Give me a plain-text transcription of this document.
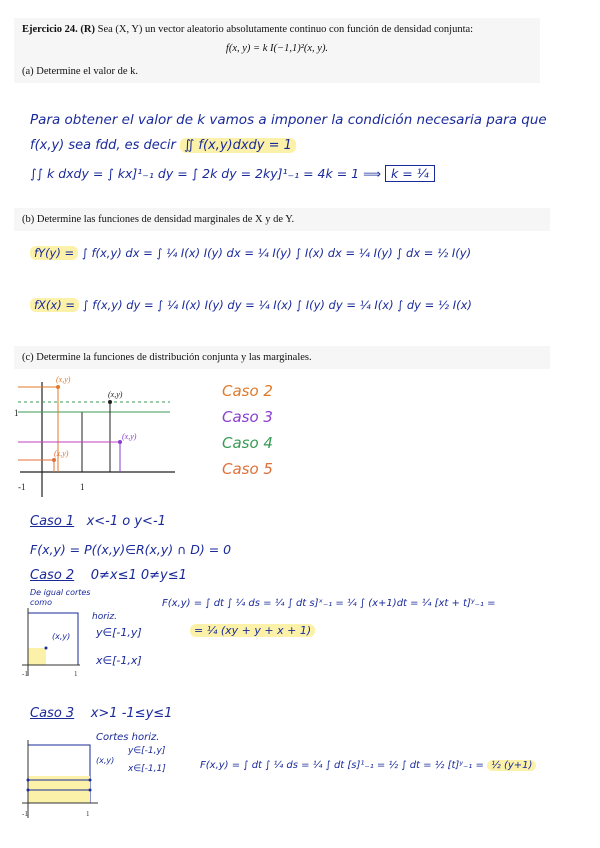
Ejercicio 24. (R) Sea (X, Y) un vector aleatorio absolutamente continuo con función de densidad conjunta:
f(x, y) = k I(−1,1)²(x, y).
(a) Determine el valor de k.
Para obtener el valor de k vamos a imponer la condición necesaria para que
f(x,y) sea fdd, es decir ∬ f(x,y)dxdy = 1
∫∫ k dxdy = ∫ kx]¹₋₁ dy = ∫ 2k dy = 2ky]¹₋₁ = 4k = 1 ⟹ k = ¼
(b) Determine las funciones de densidad marginales de X y de Y.
fY(y) = ∫ f(x,y) dx = ∫ ¼ I(x) I(y) dx = ¼ I(y) ∫ I(x) dx = ¼ I(y) ∫ dx = ½ I(y)
fX(x) = ∫ f(x,y) dy = ∫ ¼ I(x) I(y) dy = ¼ I(x) ∫ I(y) dy = ¼ I(x) ∫ dy = ½ I(x)
(c) Determine la funciones de distribución conjunta y las marginales.
(x,y)
(x,y)
(x,y)
(x,y)
1
1
-1
Caso 2
Caso 3
Caso 4
Caso 5
Caso 1 x<-1 o y<-1
F(x,y) = P((x,y)∈R(x,y) ∩ D) = 0
Caso 2 0≠x≤1 0≠y≤1
De igual cortes
como
-1	1
(x,y)
horiz.
y∈[-1,y]
x∈[-1,x]
F(x,y) = ∫ dt ∫ ¼ ds = ¼ ∫ dt s]ˣ₋₁ = ¼ ∫ (x+1)dt = ¼ [xt + t]ʸ₋₁ =
= ¼ (xy + y + x + 1)
Caso 3 x>1 -1≤y≤1
Cortes horiz.
y∈[-1,y]
(x,y)
x∈[-1,1]
-1	1
F(x,y) = ∫ dt ∫ ¼ ds = ¼ ∫ dt [s]¹₋₁ = ½ ∫ dt = ½ [t]ʸ₋₁ = ½ (y+1)
